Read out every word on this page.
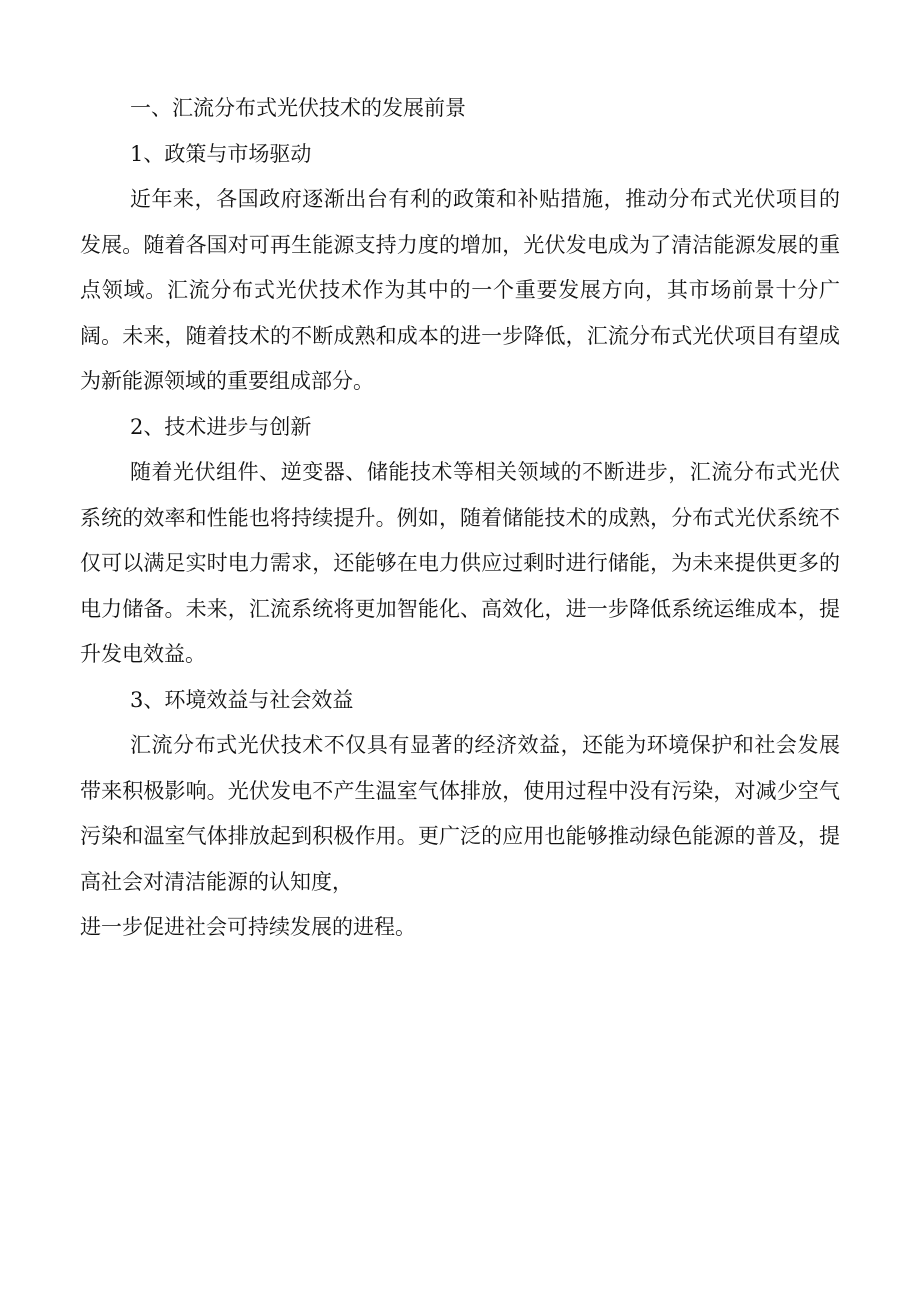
一、汇流分布式光伏技术的发展前景

1、政策与市场驱动

近年来，各国政府逐渐出台有利的政策和补贴措施，推动分布式光伏项目的发展。随着各国对可再生能源支持力度的增加，光伏发电成为了清洁能源发展的重点领域。汇流分布式光伏技术作为其中的一个重要发展方向，其市场前景十分广阔。未来，随着技术的不断成熟和成本的进一步降低，汇流分布式光伏项目有望成为新能源领域的重要组成部分。

2、技术进步与创新

随着光伏组件、逆变器、储能技术等相关领域的不断进步，汇流分布式光伏系统的效率和性能也将持续提升。例如，随着储能技术的成熟，分布式光伏系统不仅可以满足实时电力需求，还能够在电力供应过剩时进行储能，为未来提供更多的电力储备。未来，汇流系统将更加智能化、高效化，进一步降低系统运维成本，提升发电效益。

3、环境效益与社会效益

汇流分布式光伏技术不仅具有显著的经济效益，还能为环境保护和社会发展带来积极影响。光伏发电不产生温室气体排放，使用过程中没有污染，对减少空气污染和温室气体排放起到积极作用。更广泛的应用也能够推动绿色能源的普及，提高社会对清洁能源的认知度，

进一步促进社会可持续发展的进程。
